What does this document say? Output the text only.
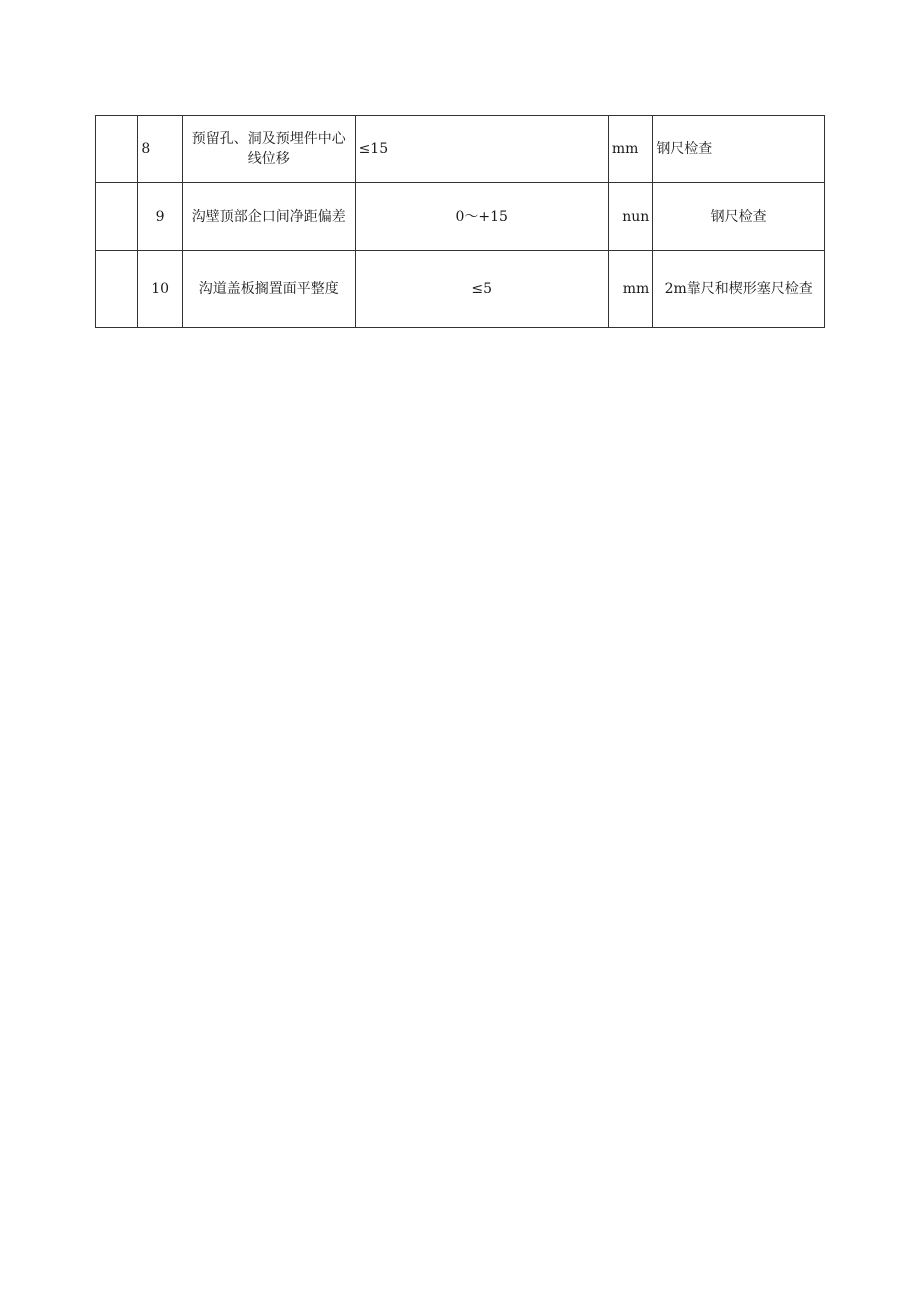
	8	预留孔、洞及预埋件中心线位移	≤15	mm	钢尺检查
	9	沟壁顶部企口间净距偏差	0～+15	nun	钢尺检查
	10	沟道盖板搁置面平整度	≤5	mm	2m靠尺和楔形塞尺检查
